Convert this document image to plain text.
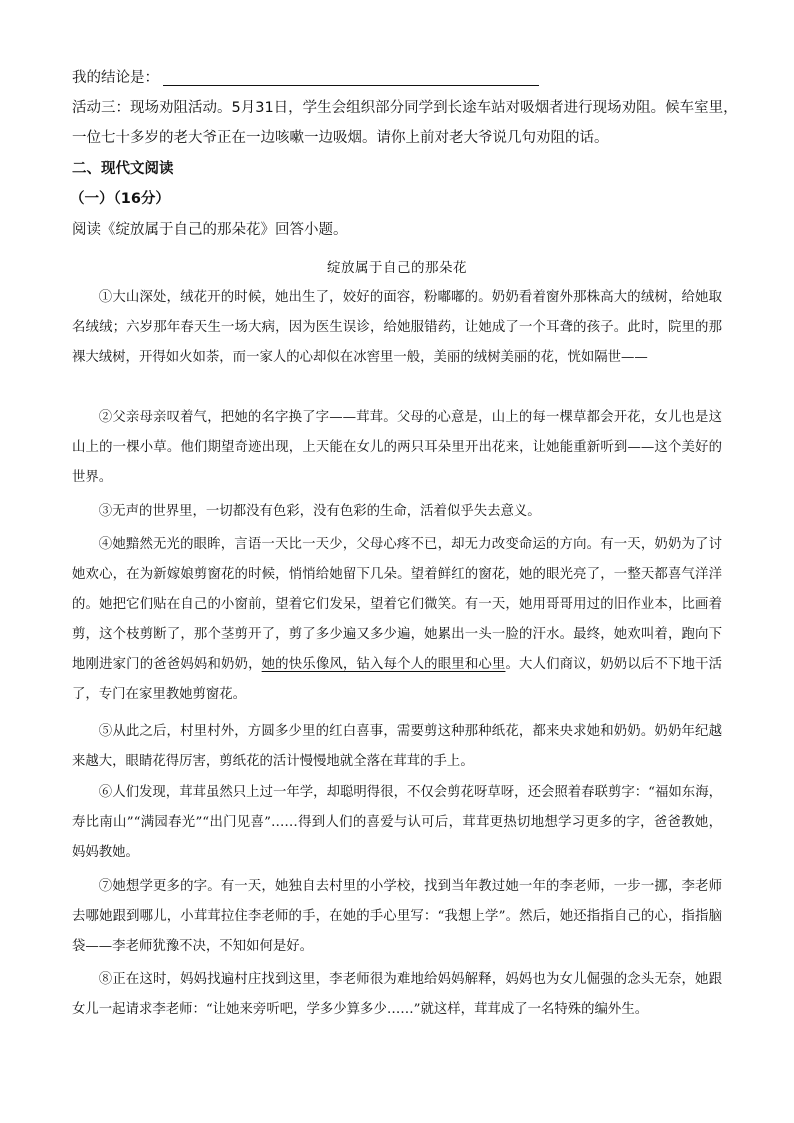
我的结论是：
活动三：现场劝阻活动。5月31日，学生会组织部分同学到长途车站对吸烟者进行现场劝阻。候车室里，
一位七十多岁的老大爷正在一边咳嗽一边吸烟。请你上前对老大爷说几句劝阻的话。
二、现代文阅读
（一）（16分）
阅读《绽放属于自己的那朵花》回答小题。
绽放属于自己的那朵花
①大山深处，绒花开的时候，她出生了，姣好的面容，粉嘟嘟的。奶奶看着窗外那株高大的绒树，给她取名绒绒；六岁那年春天生一场大病，因为医生误诊，给她服错药，让她成了一个耳聋的孩子。此时，院里的那裸大绒树，开得如火如荼，而一家人的心却似在冰窖里一般，美丽的绒树美丽的花，恍如隔世——
②父亲母亲叹着气，把她的名字换了字——茸茸。父母的心意是，山上的每一棵草都会开花，女儿也是这山上的一棵小草。他们期望奇迹出现，上天能在女儿的两只耳朵里开出花来，让她能重新听到——这个美好的世界。
③无声的世界里，一切都没有色彩，没有色彩的生命，活着似乎失去意义。
④她黯然无光的眼眸，言语一天比一天少，父母心疼不已，却无力改变命运的方向。有一天，奶奶为了讨她欢心，在为新嫁娘剪窗花的时候，悄悄给她留下几朵。望着鲜红的窗花，她的眼光亮了，一整天都喜气洋洋的。她把它们贴在自己的小窗前，望着它们发呆，望着它们微笑。有一天，她用哥哥用过的旧作业本，比画着剪，这个枝剪断了，那个茎剪开了，剪了多少遍又多少遍，她累出一头一脸的汗水。最终，她欢叫着，跑向下地刚进家门的爸爸妈妈和奶奶，她的快乐像风，钻入每个人的眼里和心里。大人们商议，奶奶以后不下地干活了，专门在家里教她剪窗花。
⑤从此之后，村里村外，方圆多少里的红白喜事，需要剪这种那种纸花，都来央求她和奶奶。奶奶年纪越来越大，眼睛花得厉害，剪纸花的活计慢慢地就全落在茸茸的手上。
⑥人们发现，茸茸虽然只上过一年学，却聪明得很，不仅会剪花呀草呀，还会照着春联剪字：“福如东海，寿比南山”“满园春光”“出门见喜”……得到人们的喜爱与认可后，茸茸更热切地想学习更多的字，爸爸教她，妈妈教她。
⑦她想学更多的字。有一天，她独自去村里的小学校，找到当年教过她一年的李老师，一步一挪，李老师去哪她跟到哪儿，小茸茸拉住李老师的手，在她的手心里写：“我想上学”。然后，她还指指自己的心，指指脑袋——李老师犹豫不决，不知如何是好。
⑧正在这时，妈妈找遍村庄找到这里，李老师很为难地给妈妈解释，妈妈也为女儿倔强的念头无奈，她跟女儿一起请求李老师：“让她来旁听吧，学多少算多少……”就这样，茸茸成了一名特殊的编外生。
